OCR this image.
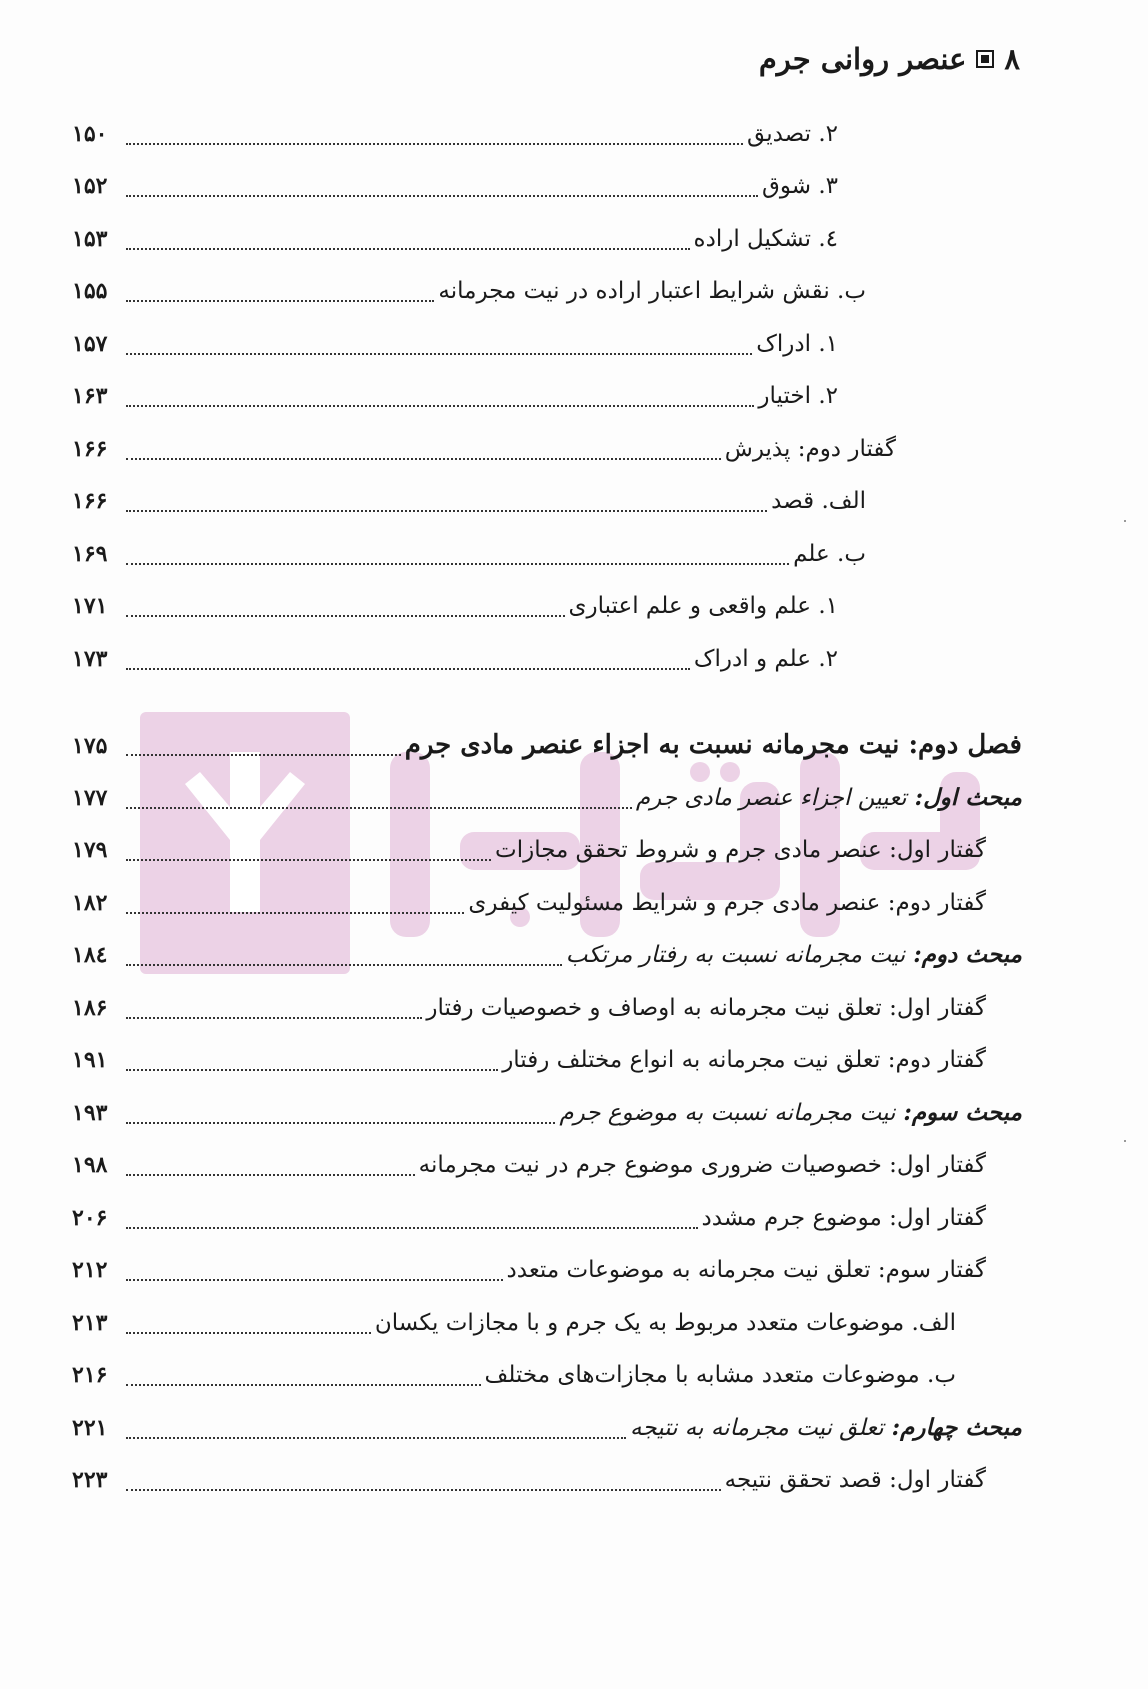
۸
عنصر روانی جرم
دادبازار
۲. تصدیق
۱۵۰
۳. شوق
۱۵۲
٤. تشکیل اراده
۱۵۳
ب. نقش شرایط اعتبار اراده در نیت مجرمانه
۱۵۵
۱. ادراک
۱۵۷
۲. اختیار
۱۶۳
گفتار دوم: پذیرش
۱۶۶
الف. قصد
۱۶۶
ب. علم
۱۶۹
۱. علم واقعی و علم اعتباری
۱۷۱
۲. علم و ادراک
۱۷۳
فصل دوم: نیت مجرمانه نسبت به اجزاء عنصر مادی جرم
۱۷۵
مبحث اول: تعیین اجزاء عنصر مادی جرم
۱۷۷
گفتار اول: عنصر مادی جرم و شروط تحقق مجازات
۱۷۹
گفتار دوم: عنصر مادی جرم و شرایط مسئولیت کیفری
۱۸۲
مبحث دوم: نیت مجرمانه نسبت به رفتار مرتکب
۱۸٤
گفتار اول: تعلق نیت مجرمانه به اوصاف و خصوصیات رفتار
۱۸۶
گفتار دوم: تعلق نیت مجرمانه به انواع مختلف رفتار
۱۹۱
مبحث سوم: نیت مجرمانه نسبت به موضوع جرم
۱۹۳
گفتار اول: خصوصیات ضروری موضوع جرم در نیت مجرمانه
۱۹۸
گفتار اول: موضوع جرم مشدد
۲۰۶
گفتار سوم: تعلق نیت مجرمانه به موضوعات متعدد
۲۱۲
الف. موضوعات متعدد مربوط به یک جرم و با مجازات یکسان
۲۱۳
ب. موضوعات متعدد مشابه با مجازات‌های مختلف
۲۱۶
مبحث چهارم: تعلق نیت مجرمانه به نتیجه
۲۲۱
گفتار اول: قصد تحقق نتیجه
۲۲۳
